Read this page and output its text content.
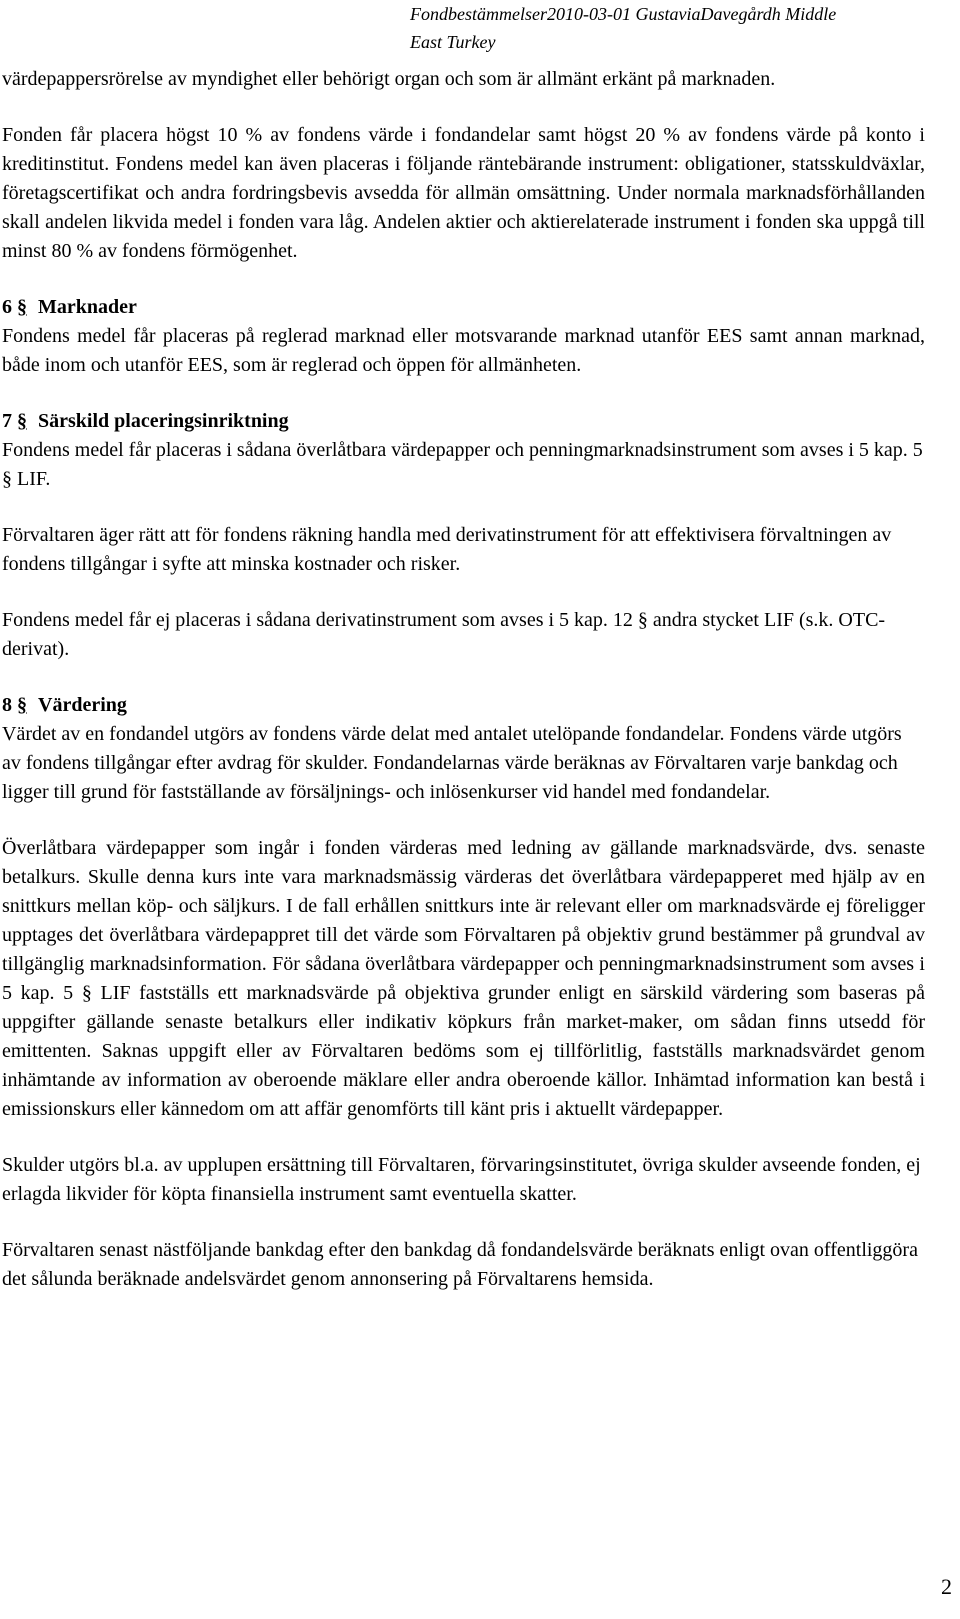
Fondbestämmelser2010-03-01 GustaviaDavegårdh Middle
East Turkey

värdepappersrörelse av myndighet eller behörigt organ och som är allmänt erkänt på marknaden.

Fonden får placera högst 10 % av fondens värde i fondandelar samt högst 20 % av fondens värde på konto i kreditinstitut. Fondens medel kan även placeras i följande räntebärande instrument: obligationer, statsskuldväxlar, företagscertifikat och andra fordringsbevis avsedda för allmän omsättning. Under normala marknadsförhållanden skall andelen likvida medel i fonden vara låg. Andelen aktier och aktierelaterade instrument i fonden ska uppgå till minst 80 % av fondens förmögenhet.

6 § Marknader

Fondens medel får placeras på reglerad marknad eller motsvarande marknad utanför EES samt annan marknad, både inom och utanför EES, som är reglerad och öppen för allmänheten.

7 § Särskild placeringsinriktning

Fondens medel får placeras i sådana överlåtbara värdepapper och penningmarknadsinstrument som avses i 5 kap. 5 § LIF.

Förvaltaren äger rätt att för fondens räkning handla med derivatinstrument för att effektivisera förvaltningen av fondens tillgångar i syfte att minska kostnader och risker.

Fondens medel får ej placeras i sådana derivatinstrument som avses i 5 kap. 12 § andra stycket LIF (s.k. OTC-derivat).

8 § Värdering

Värdet av en fondandel utgörs av fondens värde delat med antalet utelöpande fondandelar. Fondens värde utgörs av fondens tillgångar efter avdrag för skulder. Fondandelarnas värde beräknas av Förvaltaren varje bankdag och ligger till grund för fastställande av försäljnings- och inlösenkurser vid handel med fondandelar.

Överlåtbara värdepapper som ingår i fonden värderas med ledning av gällande marknadsvärde, dvs. senaste betalkurs. Skulle denna kurs inte vara marknadsmässig värderas det överlåtbara värdepapperet med hjälp av en snittkurs mellan köp- och säljkurs. I de fall erhållen snittkurs inte är relevant eller om marknadsvärde ej föreligger upptages det överlåtbara värdepappret till det värde som Förvaltaren på objektiv grund bestämmer på grundval av tillgänglig marknadsinformation. För sådana överlåtbara värdepapper och penningmarknadsinstrument som avses i 5 kap. 5 § LIF fastställs ett marknadsvärde på objektiva grunder enligt en särskild värdering som baseras på uppgifter gällande senaste betalkurs eller indikativ köpkurs från market-maker, om sådan finns utsedd för emittenten. Saknas uppgift eller av Förvaltaren bedöms som ej tillförlitlig, fastställs marknadsvärdet genom inhämtande av information av oberoende mäklare eller andra oberoende källor. Inhämtad information kan bestå i emissionskurs eller kännedom om att affär genomförts till känt pris i aktuellt värdepapper.

Skulder utgörs bl.a. av upplupen ersättning till Förvaltaren, förvaringsinstitutet, övriga skulder avseende fonden, ej erlagda likvider för köpta finansiella instrument samt eventuella skatter.

Förvaltaren senast nästföljande bankdag efter den bankdag då fondandelsvärde beräknats enligt ovan offentliggöra det sålunda beräknade andelsvärdet genom annonsering på Förvaltarens hemsida.

2
